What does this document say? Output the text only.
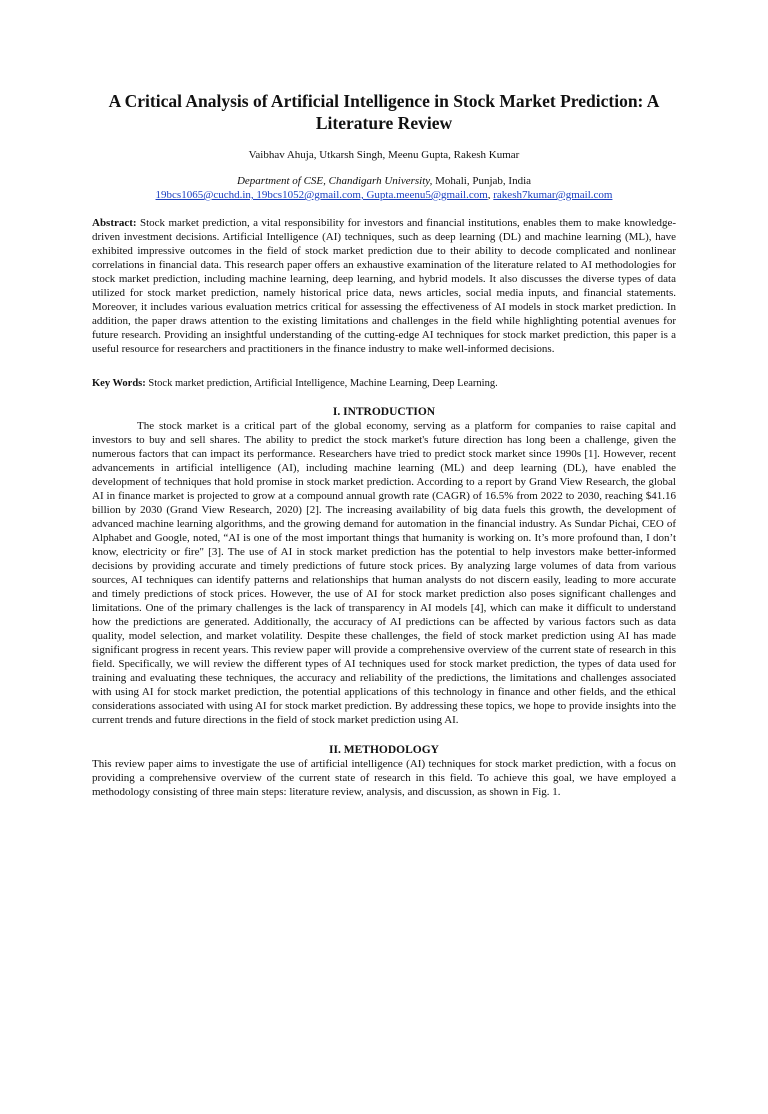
A Critical Analysis of Artificial Intelligence in Stock Market Prediction: A Literature Review
Vaibhav Ahuja, Utkarsh Singh, Meenu Gupta, Rakesh Kumar
Department of CSE, Chandigarh University, Mohali, Punjab, India
19bcs1065@cuchd.in, 19bcs1052@gmail.com, Gupta.meenu5@gmail.com, rakesh7kumar@gmail.com
Abstract: Stock market prediction, a vital responsibility for investors and financial institutions, enables them to make knowledge-driven investment decisions. Artificial Intelligence (AI) techniques, such as deep learning (DL) and machine learning (ML), have exhibited impressive outcomes in the field of stock market prediction due to their ability to decode complicated and nonlinear correlations in financial data. This research paper offers an exhaustive examination of the literature related to AI methodologies for stock market prediction, including machine learning, deep learning, and hybrid models. It also discusses the diverse types of data utilized for stock market prediction, namely historical price data, news articles, social media inputs, and financial statements. Moreover, it includes various evaluation metrics critical for assessing the effectiveness of AI models in stock market prediction. In addition, the paper draws attention to the existing limitations and challenges in the field while highlighting potential avenues for future research. Providing an insightful understanding of the cutting-edge AI techniques for stock market prediction, this paper is a useful resource for researchers and practitioners in the finance industry to make well-informed decisions.
Key Words: Stock market prediction, Artificial Intelligence, Machine Learning, Deep Learning.
I. INTRODUCTION

The stock market is a critical part of the global economy, serving as a platform for companies to raise capital and investors to buy and sell shares. The ability to predict the stock market's future direction has long been a challenge, given the numerous factors that can impact its performance. Researchers have tried to predict stock market since 1990s [1]. However, recent advancements in artificial intelligence (AI), including machine learning (ML) and deep learning (DL), have enabled the development of techniques that hold promise in stock market prediction. According to a report by Grand View Research, the global AI in finance market is projected to grow at a compound annual growth rate (CAGR) of 16.5% from 2022 to 2030, reaching $41.16 billion by 2030 (Grand View Research, 2020) [2]. The increasing availability of big data fuels this growth, the development of advanced machine learning algorithms, and the growing demand for automation in the financial industry. As Sundar Pichai, CEO of Alphabet and Google, noted, “AI is one of the most important things that humanity is working on. It’s more profound than, I don’t know, electricity or fire" [3]. The use of AI in stock market prediction has the potential to help investors make better-informed decisions by providing accurate and timely predictions of future stock prices. By analyzing large volumes of data from various sources, AI techniques can identify patterns and relationships that human analysts do not discern easily, leading to more accurate and timely predictions of stock prices. However, the use of AI for stock market prediction also poses significant challenges and limitations. One of the primary challenges is the lack of transparency in AI models [4], which can make it difficult to understand how the predictions are generated. Additionally, the accuracy of AI predictions can be affected by various factors such as data quality, model selection, and market volatility. Despite these challenges, the field of stock market prediction using AI has made significant progress in recent years. This review paper will provide a comprehensive overview of the current state of research in this field. Specifically, we will review the different types of AI techniques used for stock market prediction, the types of data used for training and evaluating these techniques, the accuracy and reliability of the predictions, the limitations and challenges associated with using AI for stock market prediction, the potential applications of this technology in finance and other fields, and the ethical considerations associated with using AI for stock market prediction. By addressing these topics, we hope to provide insights into the current trends and future directions in the field of stock market prediction using AI.

II. METHODOLOGY

This review paper aims to investigate the use of artificial intelligence (AI) techniques for stock market prediction, with a focus on providing a comprehensive overview of the current state of research in this field. To achieve this goal, we have employed a methodology consisting of three main steps: literature review, analysis, and discussion, as shown in Fig. 1.
